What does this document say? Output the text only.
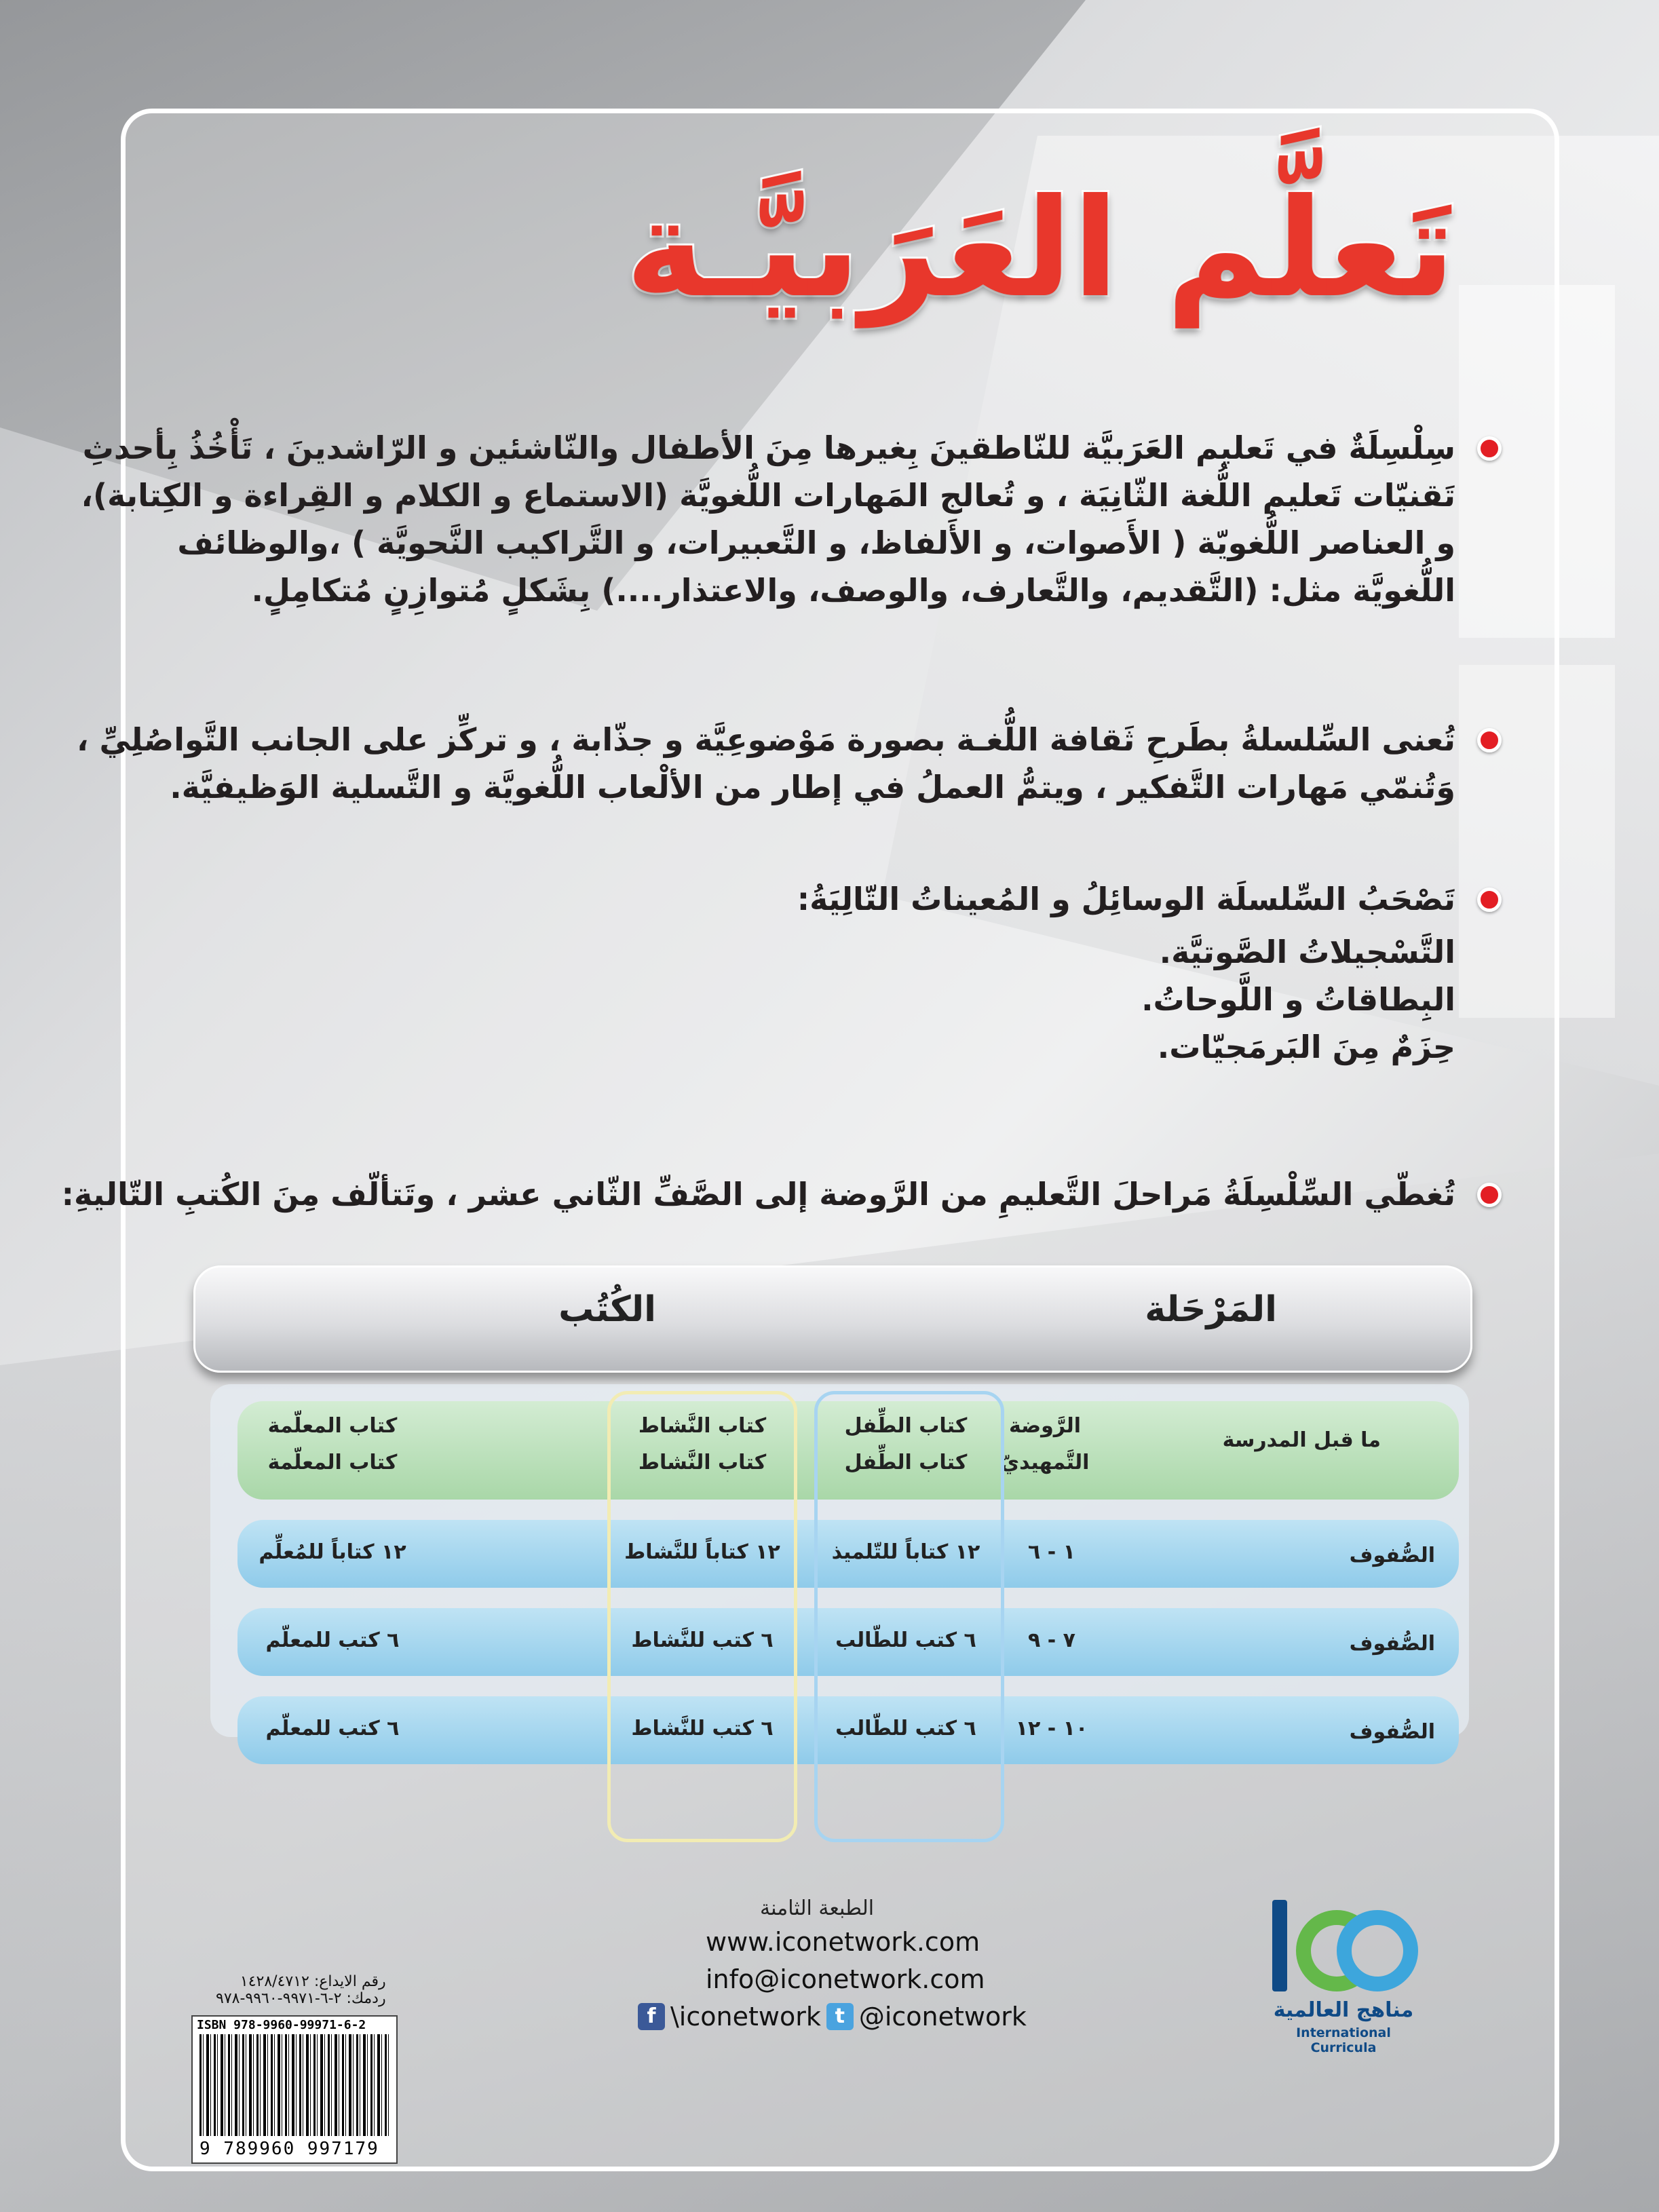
تَعلَّم العَرَبيَّـة
سِلْسِلَةٌ في تَعليم العَرَبيَّة للنّاطقينَ بِغيرها مِنَ الأطفال والنّاشئين و الرّاشدينَ ، تَأْخُذُ بِأحدثِ
تَقنيّات تَعليم اللُّغة الثّانِيَة ، و تُعالج المَهارات اللُّغويَّة (الاستماع و الكلام و القِراءة و الكِتابة)،
و العناصر اللُّغويّة ( الأَصوات، و الأَلفاظ، و التَّعبيرات، و التَّراكيب النَّحويَّة ) ،والوظائف
اللُّغويَّة مثل: (التَّقديم، والتَّعارف، والوصف، والاعتذار....) بِشَكلٍ مُتوازِنٍ مُتكامِلٍ.
تُعنى السِّلسلةُ بطَرحِ ثَقافة اللُّغـة بصورة مَوْضوعِيَّة و جذّابة ، و تركِّز على الجانب التَّواصُلِيِّ ،
وَتُنمّي مَهارات التَّفكير ، ويتمُّ العملُ في إطار من الألْعاب اللُّغويَّة و التَّسلية الوَظيفيَّة.
تَصْحَبُ السِّلسلَة الوسائِلُ و المُعيناتُ التّالِيَةُ:
التَّسْجيلاتُ الصَّوتيَّة.
البِطاقاتُ و اللَّوحاتُ.
حِزَمٌ مِنَ البَرمَجيّات.
تُغطّي السِّلْسِلَةُ مَراحلَ التَّعليمِ من الرَّوضة إلى الصَّفِّ الثّاني عشر ، وتَتألّف مِنَ الكُتبِ التّاليةِ:
المَرْحَلة
الكُتُب
ما قبل المدرسة
الرَّوضة
التَّمهيديّ
كتاب الطِّفل
كتاب الطِّفل
كتاب النَّشاط
كتاب النَّشاط
كتاب المعلّمة
كتاب المعلّمة
الصُّفوف
١ - ٦
١٢ كتاباً للتّلميذ
١٢ كتاباً للنَّشاط
١٢ كتاباً للمُعلِّم
الصُّفوف
٧ - ٩
٦ كتب للطّالب
٦ كتب للنَّشاط
٦ كتب للمعلّم
الصُّفوف
١٠ - ١٢
٦ كتب للطّالب
٦ كتب للنَّشاط
٦ كتب للمعلّم
الطبعة الثامنة
www.iconetwork.com
info@iconetwork.com
f \iconetwork t @iconetwork
رقم الايداع: ١٤٢٨/٤٧١٢
ردمك: ٢-٦-٩٩٧١-٩٩٦٠-٩٧٨
ISBN 978-9960-99971-6-2
9 789960 997179
مناهج العالمية
International Curricula
